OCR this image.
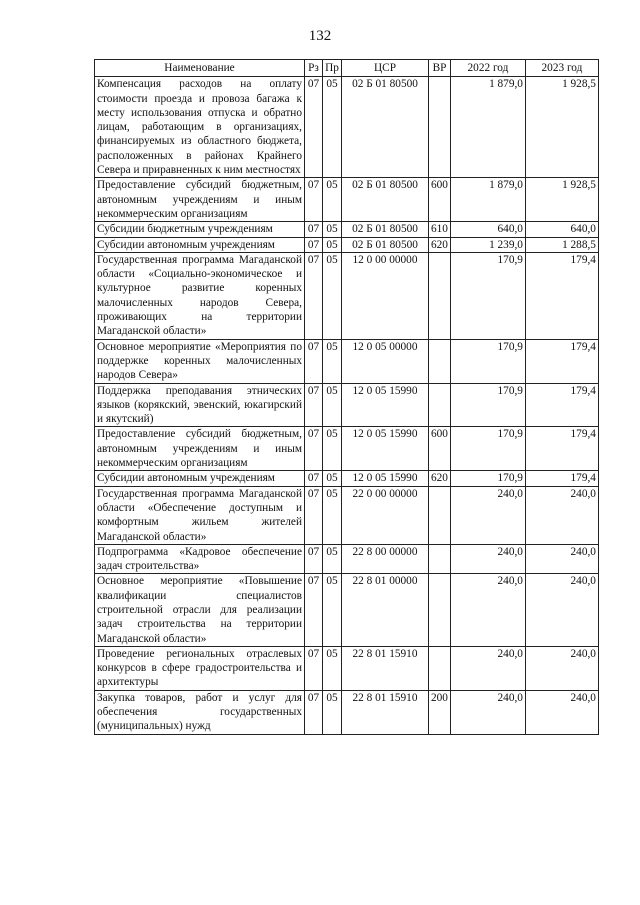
132
Наименование	Рз	Пр	ЦСР	ВР	2022 год	2023 год
Компенсация расходов на оплату стоимости проезда и провоза багажа к месту использования отпуска и обратно лицам, работающим в организациях, финансируемых из областного бюджета, расположенных в районах Крайнего Севера и приравненных к ним местностях	07	05	02 Б 01 80500		1 879,0	1 928,5
Предоставление субсидий бюджетным, автономным учреждениям и иным некоммерческим организациям	07	05	02 Б 01 80500	600	1 879,0	1 928,5
Субсидии бюджетным учреждениям	07	05	02 Б 01 80500	610	640,0	640,0
Субсидии автономным учреждениям	07	05	02 Б 01 80500	620	1 239,0	1 288,5
Государственная программа Магаданской области «Социально-экономическое и культурное развитие коренных малочисленных народов Севера, проживающих на территории Магаданской области»	07	05	12 0 00 00000		170,9	179,4
Основное мероприятие «Мероприятия по поддержке коренных малочисленных народов Севера»	07	05	12 0 05 00000		170,9	179,4
Поддержка преподавания этнических языков (корякский, эвенский, юкагирский и якутский)	07	05	12 0 05 15990		170,9	179,4
Предоставление субсидий бюджетным, автономным учреждениям и иным некоммерческим организациям	07	05	12 0 05 15990	600	170,9	179,4
Субсидии автономным учреждениям	07	05	12 0 05 15990	620	170,9	179,4
Государственная программа Магаданской области «Обеспечение доступным и комфортным жильем жителей Магаданской области»	07	05	22 0 00 00000		240,0	240,0
Подпрограмма «Кадровое обеспечение задач строительства»	07	05	22 8 00 00000		240,0	240,0
Основное мероприятие «Повышение квалификации специалистов строительной отрасли для реализации задач строительства на территории Магаданской области»	07	05	22 8 01 00000		240,0	240,0
Проведение региональных отраслевых конкурсов в сфере градостроительства и архитектуры	07	05	22 8 01 15910		240,0	240,0
Закупка товаров, работ и услуг для обеспечения государственных (муниципальных) нужд	07	05	22 8 01 15910	200	240,0	240,0
